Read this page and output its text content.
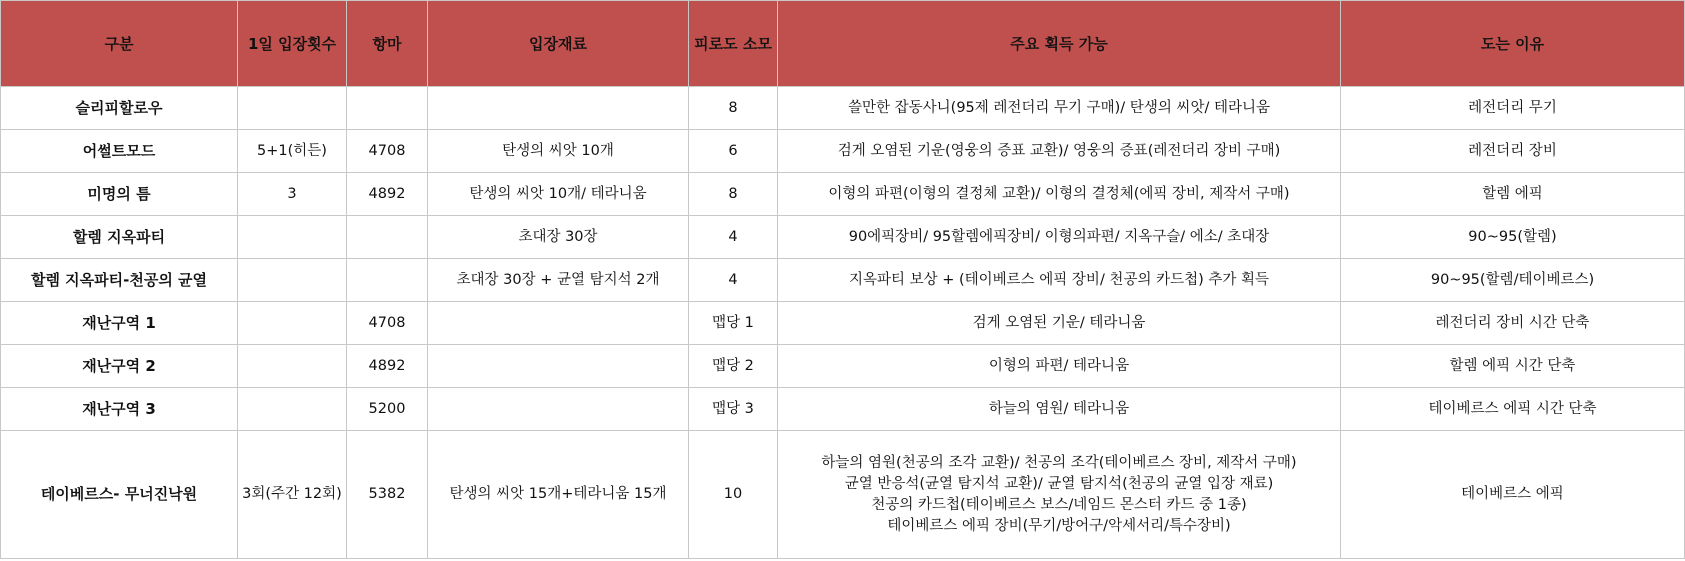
구분	1일 입장횟수	항마	입장재료	피로도 소모	주요 획득 가능	도는 이유
슬리피할로우				8	쓸만한 잡동사니(95제 레전더리 무기 구매)/ 탄생의 씨앗/ 테라니움	레전더리 무기
어썰트모드	5+1(히든)	4708	탄생의 씨앗 10개	6	검게 오염된 기운(영웅의 증표 교환)/ 영웅의 증표(레전더리 장비 구매)	레전더리 장비
미명의 틈	3	4892	탄생의 씨앗 10개/ 테라니움	8	이형의 파편(이형의 결정체 교환)/ 이형의 결정체(에픽 장비, 제작서 구매)	할렘 에픽
할렘 지옥파티			초대장 30장	4	90에픽장비/ 95할렘에픽장비/ 이형의파편/ 지옥구슬/ 에소/ 초대장	90~95(할렘)
할렘 지옥파티-천공의 균열			초대장 30장 + 균열 탐지석 2개	4	지옥파티 보상 + (테이베르스 에픽 장비/ 천공의 카드첩) 추가 획득	90~95(할렘/테이베르스)
재난구역 1		4708		맵당 1	검게 오염된 기운/ 테라니움	레전더리 장비 시간 단축
재난구역 2		4892		맵당 2	이형의 파편/ 테라니움	할렘 에픽 시간 단축
재난구역 3		5200		맵당 3	하늘의 염원/ 테라니움	테이베르스 에픽 시간 단축
테이베르스- 무너진낙원	3회(주간 12회)	5382	탄생의 씨앗 15개+테라니움 15개	10	하늘의 염원(천공의 조각 교환)/ 천공의 조각(테이베르스 장비, 제작서 구매)
균열 반응석(균열 탐지석 교환)/ 균열 탐지석(천공의 균열 입장 재료)
천공의 카드첩(테이베르스 보스/네임드 몬스터 카드 중 1종)
테이베르스 에픽 장비(무기/방어구/악세서리/특수장비)	테이베르스 에픽
